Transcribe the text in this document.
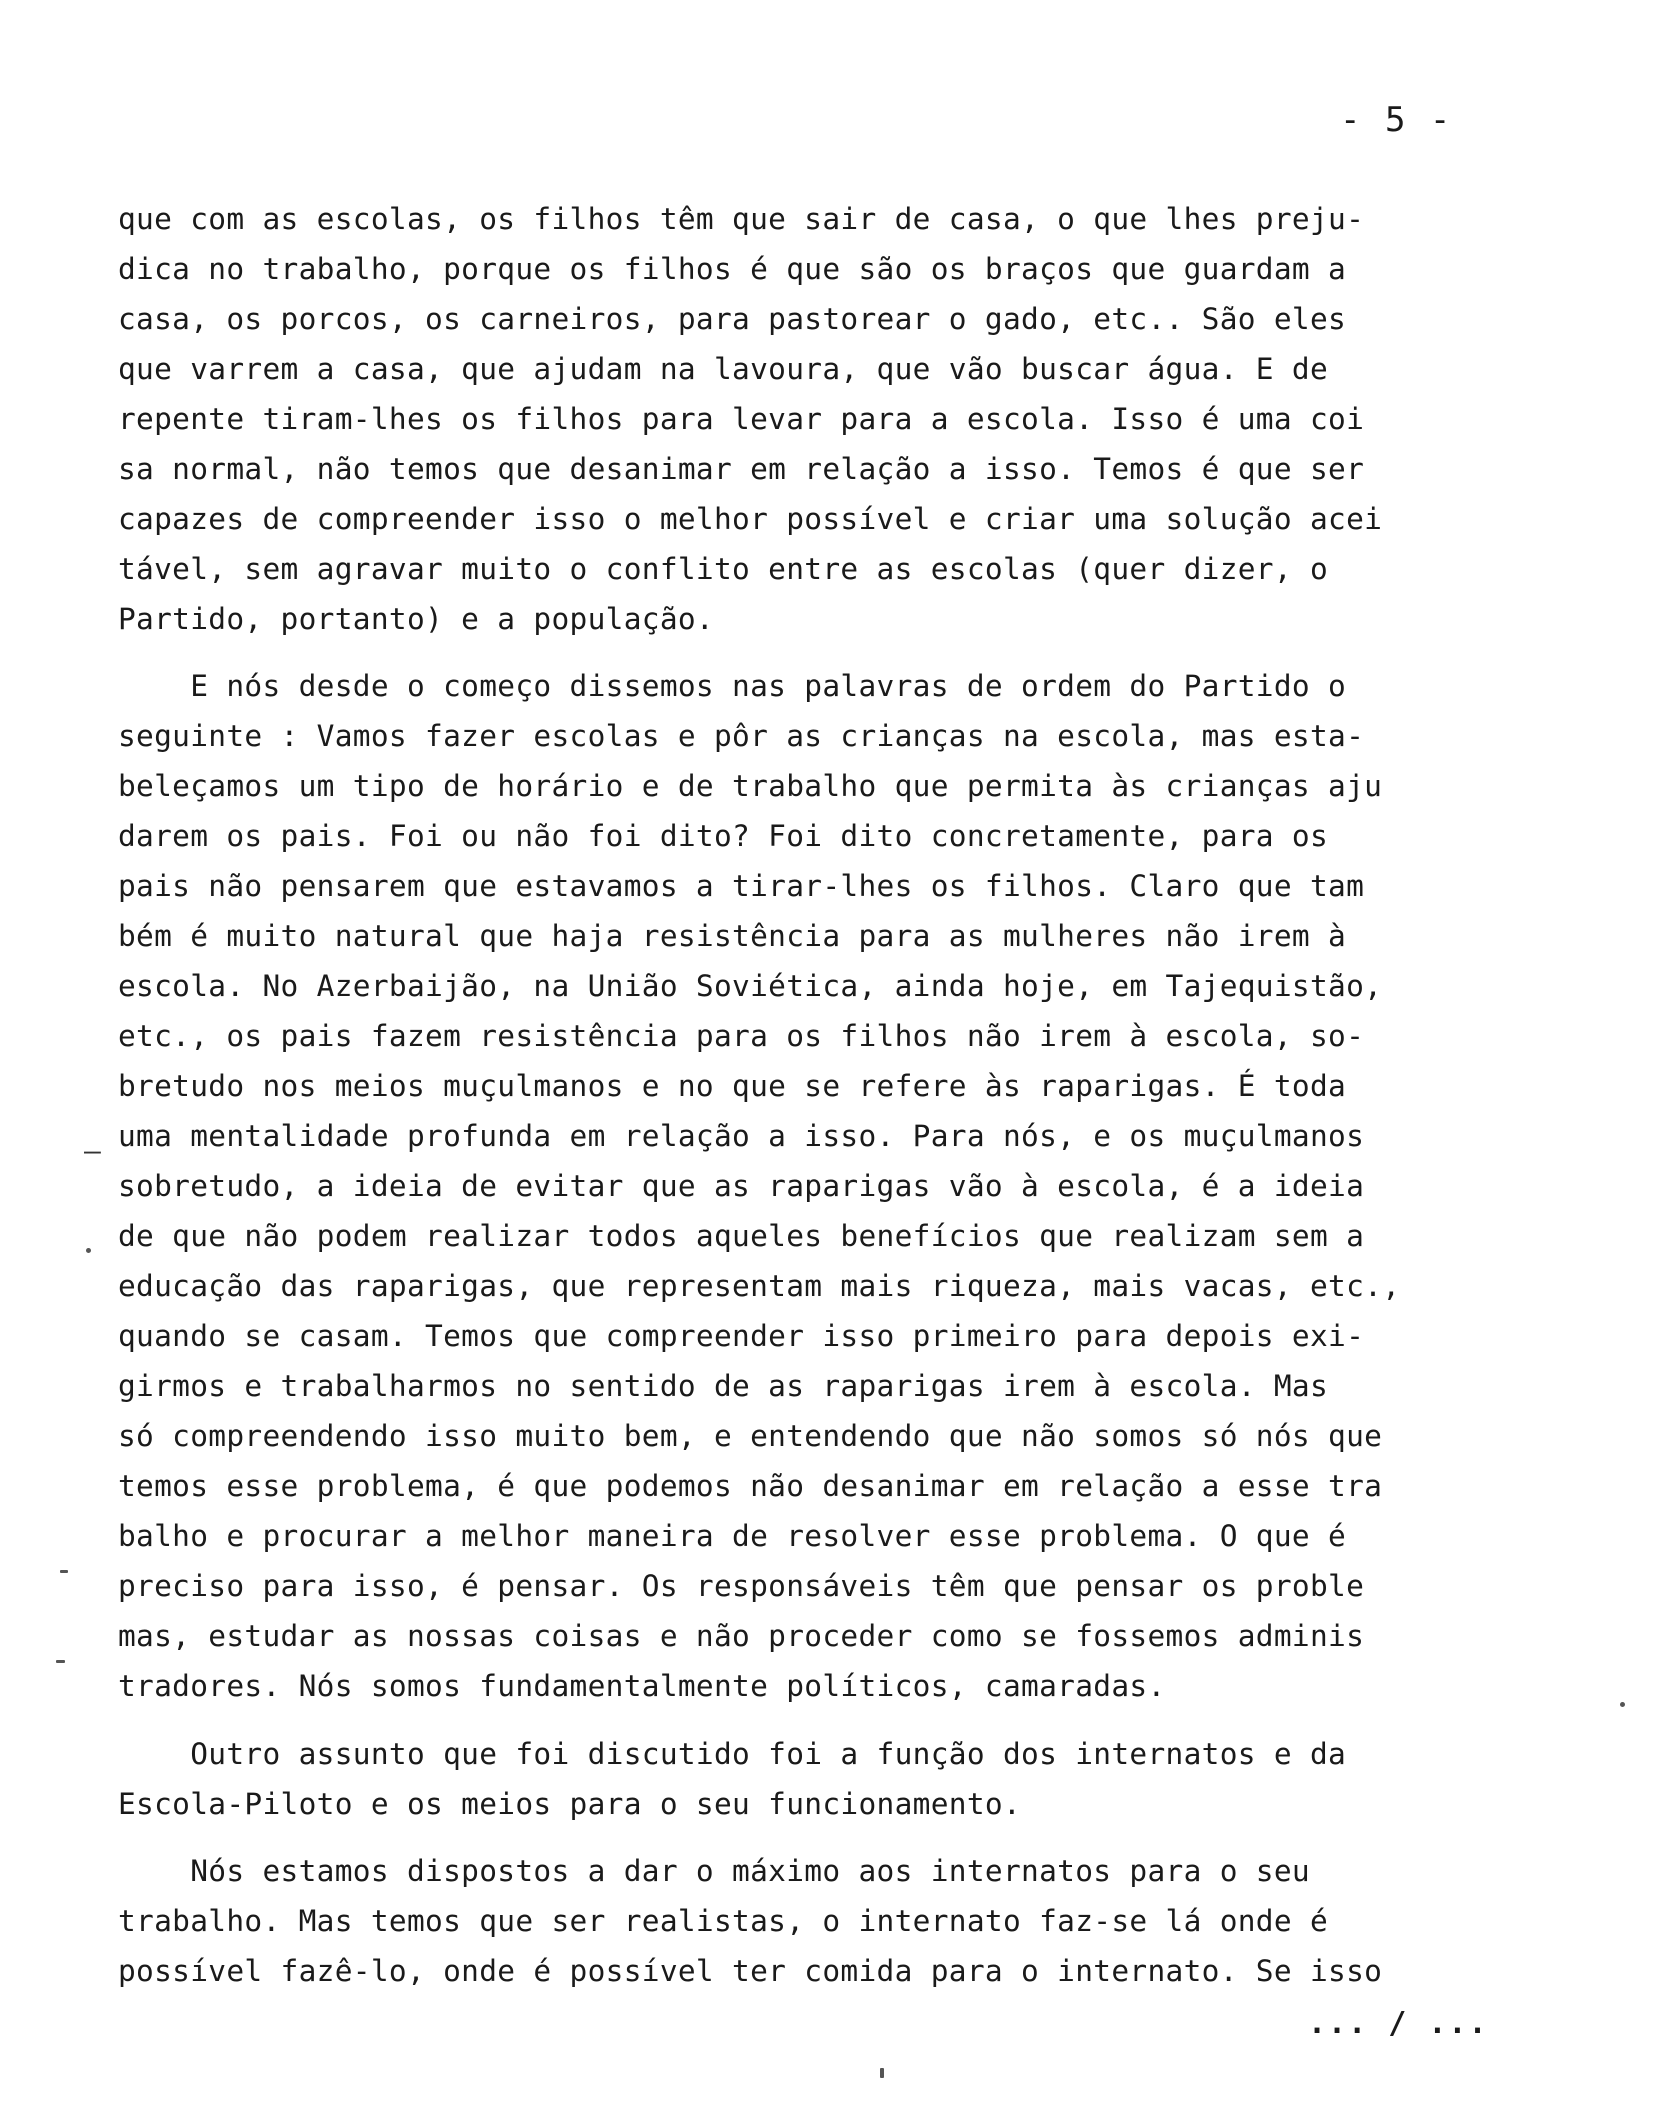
- 5 -
que com as escolas, os filhos têm que sair de casa, o que lhes preju-
dica no trabalho, porque os filhos é que são os braços que guardam a
casa, os porcos, os carneiros, para pastorear o gado, etc.. São eles
que varrem a casa, que ajudam na lavoura, que vão buscar água. E de
repente tiram-lhes os filhos para levar para a escola. Isso é uma coi
sa normal, não temos que desanimar em relação a isso. Temos é que ser
capazes de compreender isso o melhor possível e criar uma solução acei
tável, sem agravar muito o conflito entre as escolas (quer dizer, o
Partido, portanto) e a população.
E nós desde o começo dissemos nas palavras de ordem do Partido o
seguinte : Vamos fazer escolas e pôr as crianças na escola, mas esta-
beleçamos um tipo de horário e de trabalho que permita às crianças aju
darem os pais. Foi ou não foi dito? Foi dito concretamente, para os
pais não pensarem que estavamos a tirar-lhes os filhos. Claro que tam
bém é muito natural que haja resistência para as mulheres não irem à
escola. No Azerbaijão, na União Soviética, ainda hoje, em Tajequistão,
etc., os pais fazem resistência para os filhos não irem à escola, so-
bretudo nos meios muçulmanos e no que se refere às raparigas. É toda
uma mentalidade profunda em relação a isso. Para nós, e os muçulmanos
sobretudo, a ideia de evitar que as raparigas vão à escola, é a ideia
de que não podem realizar todos aqueles benefícios que realizam sem a
educação das raparigas, que representam mais riqueza, mais vacas, etc.,
quando se casam. Temos que compreender isso primeiro para depois exi-
girmos e trabalharmos no sentido de as raparigas irem à escola. Mas
só compreendendo isso muito bem, e entendendo que não somos só nós que
temos esse problema, é que podemos não desanimar em relação a esse tra
balho e procurar a melhor maneira de resolver esse problema. O que é
preciso para isso, é pensar. Os responsáveis têm que pensar os proble
mas, estudar as nossas coisas e não proceder como se fossemos adminis
tradores. Nós somos fundamentalmente políticos, camaradas.
Outro assunto que foi discutido foi a função dos internatos e da
Escola-Piloto e os meios para o seu funcionamento.
Nós estamos dispostos a dar o máximo aos internatos para o seu
trabalho. Mas temos que ser realistas, o internato faz-se lá onde é
possível fazê-lo, onde é possível ter comida para o internato. Se isso
... / ...
—
